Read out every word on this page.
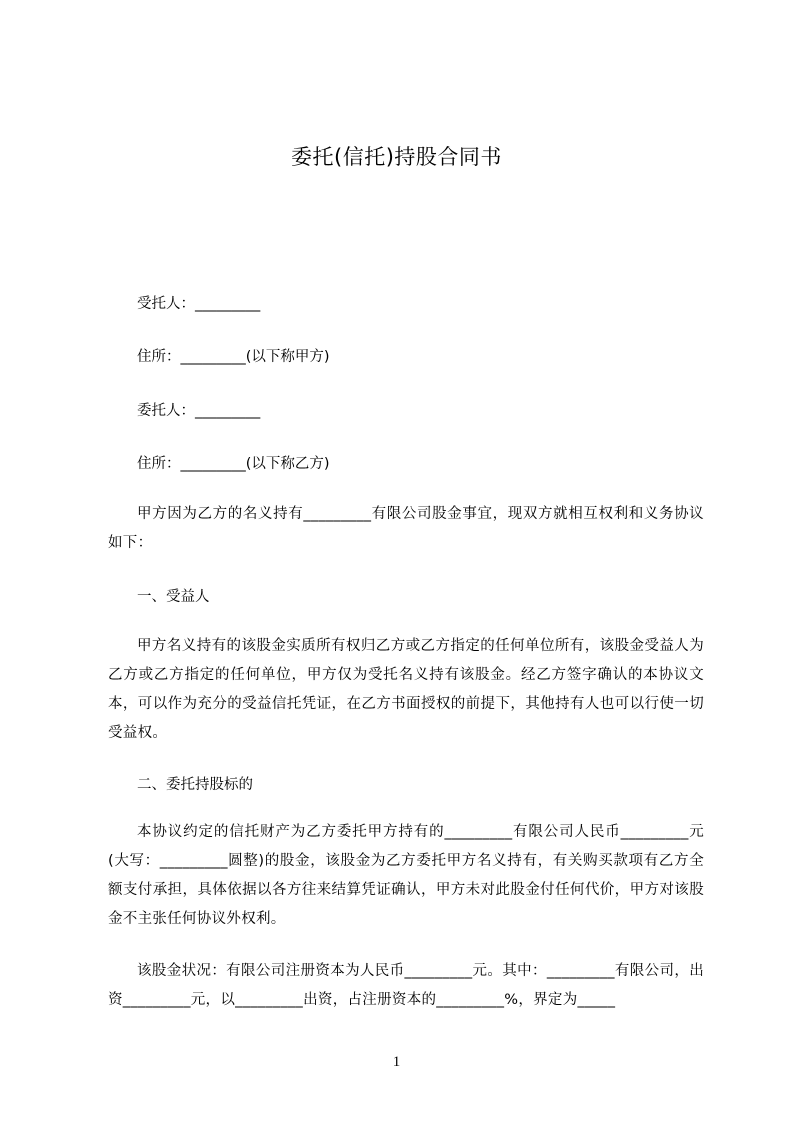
委托(信托)持股合同书
受托人：_________
住所：_________(以下称甲方)
委托人：_________
住所：_________(以下称乙方)
甲方因为乙方的名义持有_________有限公司股金事宜，现双方就相互权利和义务协议如下：
一、受益人
甲方名义持有的该股金实质所有权归乙方或乙方指定的任何单位所有，该股金受益人为乙方或乙方指定的任何单位，甲方仅为受托名义持有该股金。经乙方签字确认的本协议文本，可以作为充分的受益信托凭证，在乙方书面授权的前提下，其他持有人也可以行使一切受益权。
二、委托持股标的
本协议约定的信托财产为乙方委托甲方持有的_________有限公司人民币_________元(大写：_________圆整)的股金，该股金为乙方委托甲方名义持有，有关购买款项有乙方全额支付承担，具体依据以各方往来结算凭证确认，甲方未对此股金付任何代价，甲方对该股金不主张任何协议外权利。
该股金状况：有限公司注册资本为人民币_________元。其中：_________有限公司，出资_________元，以_________出资，占注册资本的_________%，界定为_____
1
